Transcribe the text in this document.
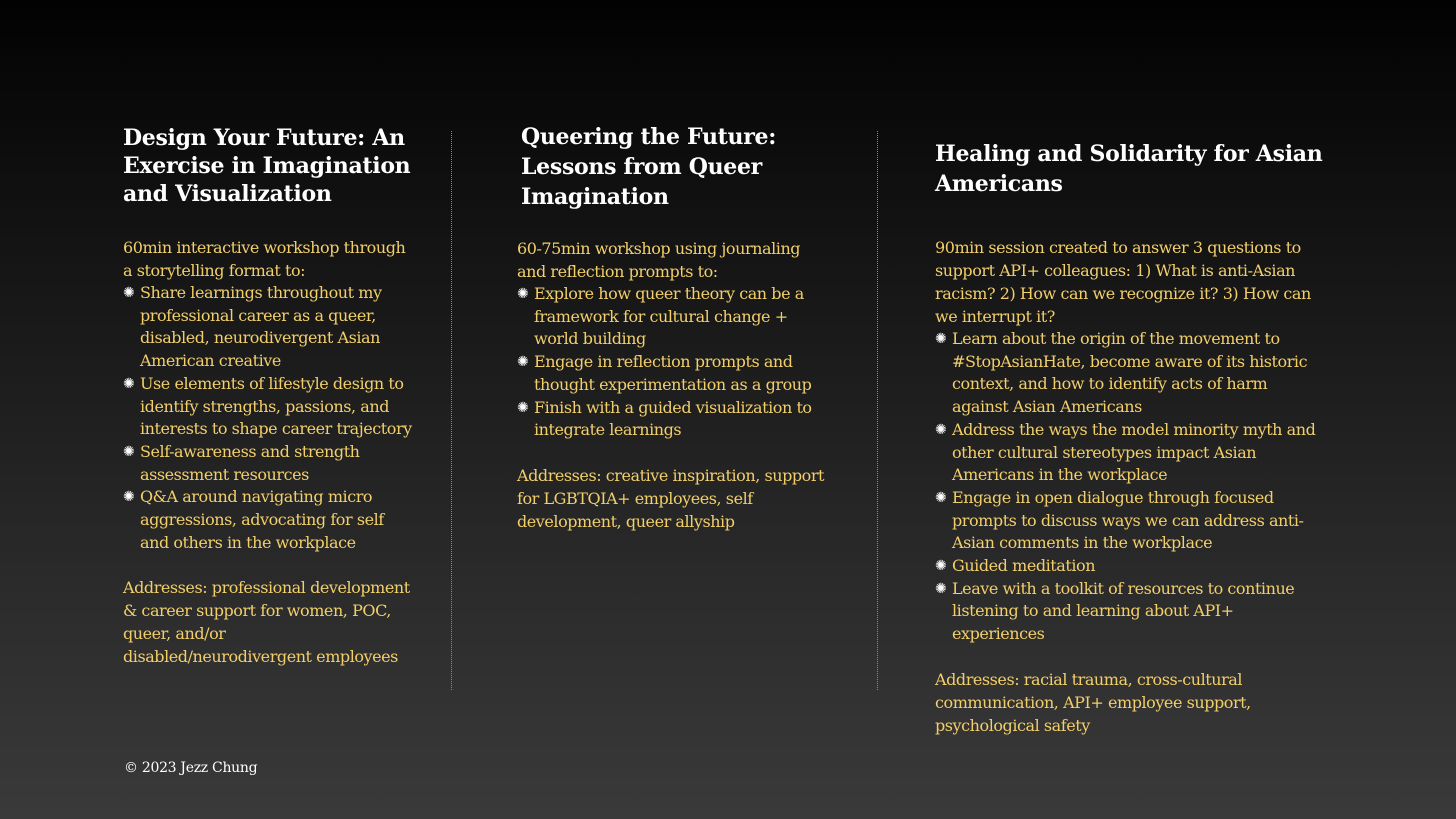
Design Your Future: An Exercise in Imagination and Visualization

60min interactive workshop through a storytelling format to:

✺ Share learnings throughout my professional career as a queer, disabled, neurodivergent Asian American creative
✺ Use elements of lifestyle design to identify strengths, passions, and interests to shape career trajectory
✺ Self-awareness and strength assessment resources
✺ Q&A around navigating micro aggressions, advocating for self and others in the workplace

Addresses: professional development & career support for women, POC, queer, and/or disabled/neurodivergent employees

Queering the Future: Lessons from Queer Imagination

60-75min workshop using journaling and reflection prompts to:

✺ Explore how queer theory can be a framework for cultural change + world building
✺ Engage in reflection prompts and thought experimentation as a group
✺ Finish with a guided visualization to integrate learnings

Addresses: creative inspiration, support for LGBTQIA+ employees, self development, queer allyship

Healing and Solidarity for Asian Americans

90min session created to answer 3 questions to support API+ colleagues: 1) What is anti-Asian racism? 2) How can we recognize it? 3) How can we interrupt it?

✺ Learn about the origin of the movement to #StopAsianHate, become aware of its historic context, and how to identify acts of harm against Asian Americans
✺ Address the ways the model minority myth and other cultural stereotypes impact Asian Americans in the workplace
✺ Engage in open dialogue through focused prompts to discuss ways we can address anti-Asian comments in the workplace
✺ Guided meditation
✺ Leave with a toolkit of resources to continue listening to and learning about API+ experiences

Addresses: racial trauma, cross-cultural communication, API+ employee support, psychological safety

© 2023 Jezz Chung
